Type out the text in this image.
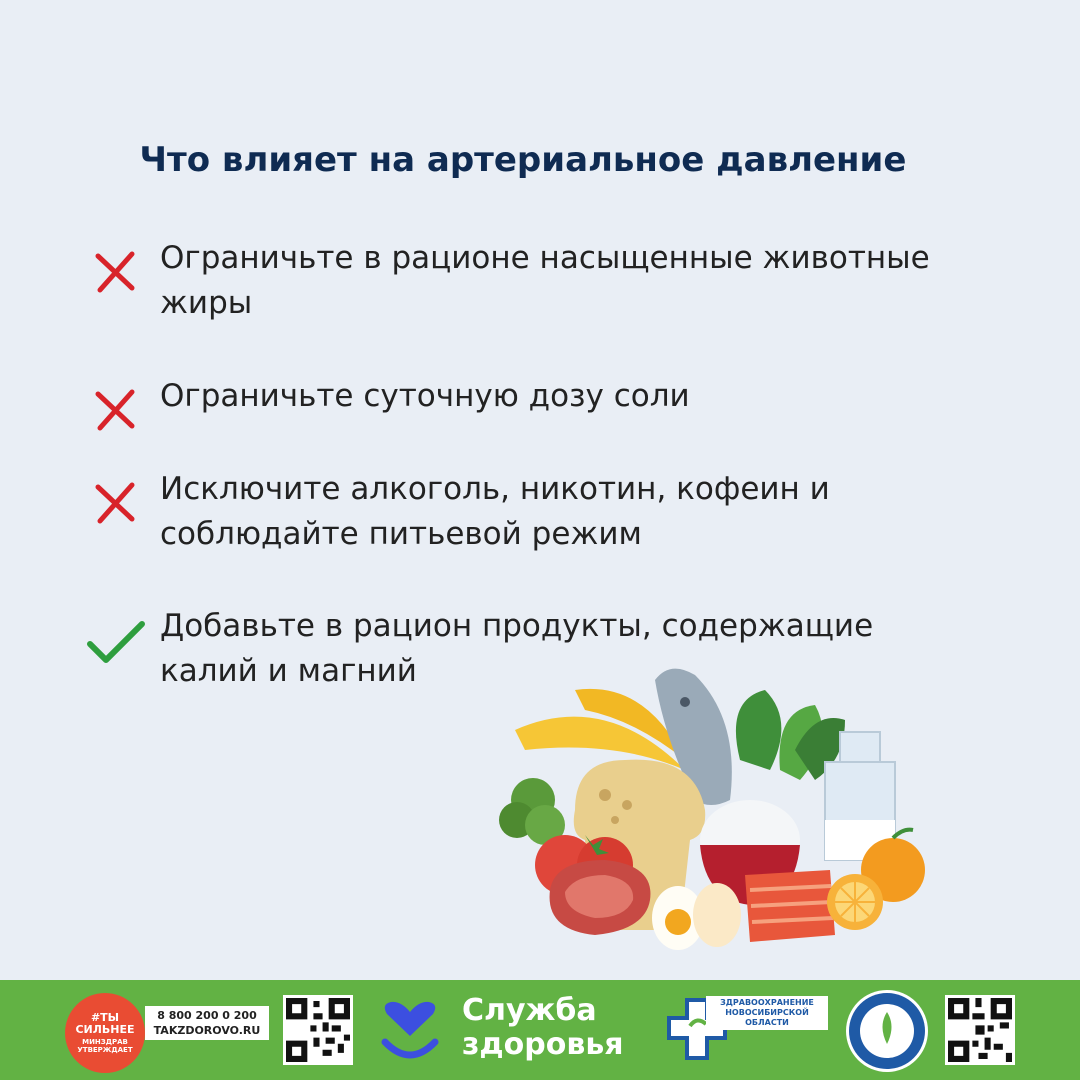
Что влияет на артериальное давление
Ограничьте в рационе насыщенные животные
жиры
Ограничьте суточную дозу соли
Исключите алкоголь, никотин, кофеин и
соблюдайте питьевой режим
Добавьте в рацион продукты, содержащие
калий и магний
#ТЫ
СИЛЬНЕЕ
МИНЗДРАВ УТВЕРЖДАЕТ
8 800 200 0 200
TAKZDOROVO.RU
Служба
здоровья
ЗДРАВООХРАНЕНИЕ
НОВОСИБИРСКОЙ ОБЛАСТИ
